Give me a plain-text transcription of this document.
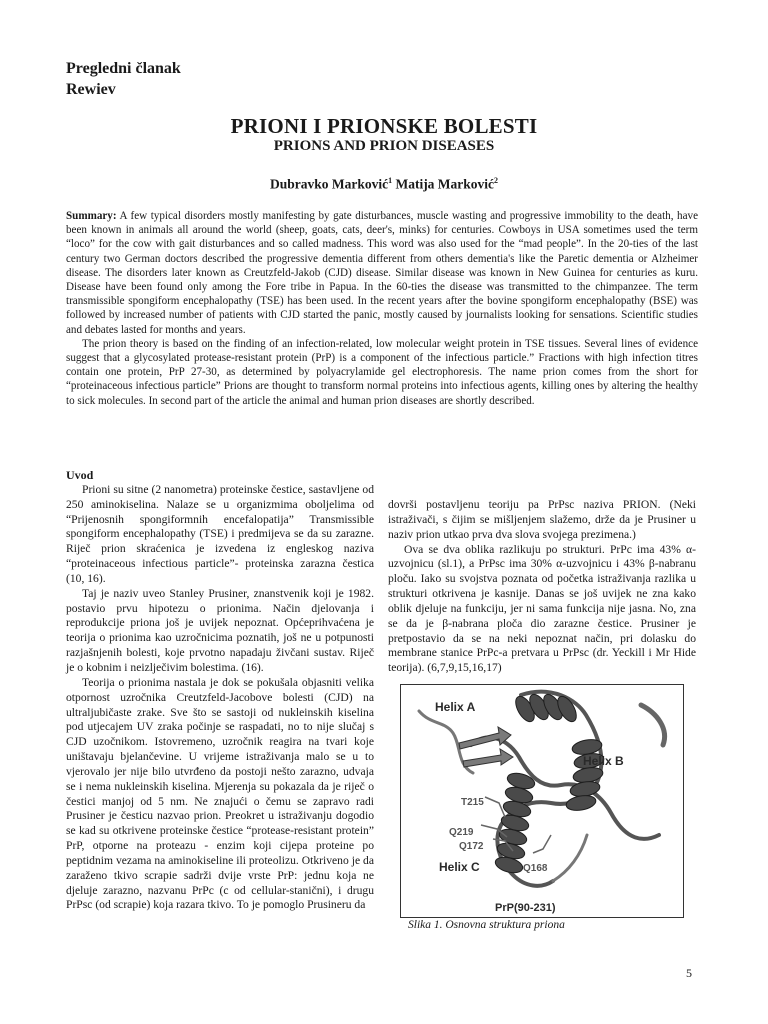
Pregledni članak
Rewiev
PRIONI I PRIONSKE BOLESTI
PRIONS AND PRION DISEASES
Dubravko Marković$^1$ Matija Marković$^2$

Summary: A few typical disorders mostly manifesting by gate disturbances, muscle wasting and progressive immobility to the death, have been known in animals all around the world (sheep, goats, cats, deer's, minks) for centuries. Cowboys in USA sometimes used the term “loco” for the cow with gait disturbances and so called madness. This word was also used for the “mad people”. In the 20-ties of the last century two German doctors described the progressive dementia different from others dementia's like the Paretic dementia or Alzheimer disease. The disorders later known as Creutzfeld-Jakob (CJD) disease. Similar disease was known in New Guinea for centuries as kuru. Disease have been found only among the Fore tribe in Papua. In the 60-ties the disease was transmitted to the chimpanzee. The term transmissible spongiform encephalopathy (TSE) has been used. In the recent years after the bovine spongiform encephalopathy (BSE) was followed by increased number of patients with CJD started the panic, mostly caused by journalists looking for sensations. Scientific studies and debates lasted for months and years.

The prion theory is based on the finding of an infection-related, low molecular weight protein in TSE tissues. Several lines of evidence suggest that a glycosylated protease-resistant protein (PrP) is a component of the infectious particle.” Fractions with high infection titres contain one protein, PrP 27-30, as determined by polyacrylamide gel electrophoresis. The name prion comes from the short for “proteinaceous infectious particle” Prions are thought to transform normal proteins into infectious agents, killing ones by altering the healthy to sick molecules. In second part of the article the animal and human prion diseases are shortly described.

Uvod

Prioni su sitne (2 nanometra) proteinske čestice, sastavljene od 250 aminokiselina. Nalaze se u organizmima oboljelima od “Prijenosnih spongiformnih encefalopatija” Transmissible spongiform encephalopathy (TSE) i predmijeva se da su zarazne. Riječ prion skraćenica je izvedena iz engleskog naziva “proteinaceous infectious particle”- proteinska zarazna čestica (10, 16).

Taj je naziv uveo Stanley Prusiner, znanstvenik koji je 1982. postavio prvu hipotezu o prionima. Način djelovanja i reprodukcije priona još je uvijek nepoznat. Općeprihvaćena je teorija o prionima kao uzročnicima poznatih, još ne u potpunosti razjašnjenih bolesti, koje prvotno napadaju živčani sustav. Riječ je o kobnim i neizlječivim bolestima. (16).

Teorija o prionima nastala je dok se pokušala objasniti velika otpornost uzročnika Creutzfeld-Jacobove bolesti (CJD) na ultraljubičaste zrake. Sve što se sastoji od nukleinskih kiselina pod utjecajem UV zraka počinje se raspadati, no to nije slučaj s CJD uzočnikom. Istovremeno, uzročnik reagira na tvari koje uništavaju bjelančevine. U vrijeme istraživanja malo se u to vjerovalo jer nije bilo utvrđeno da postoji nešto zarazno, udvaja se i nema nukleinskih kiselina. Mjerenja su pokazala da je riječ o čestici manjoj od 5 nm. Ne znajući o čemu se zapravo radi Prusiner je česticu nazvao prion. Preokret u istraživanju dogodio se kad su otkrivene proteinske čestice “protease-resistant protein” PrP, otporne na proteazu - enzim koji cijepa proteine po peptidnim vezama na aminokiseline ili proteolizu. Otkriveno je da zaraženo tkivo scrapie sadrži dvije vrste PrP: jednu koja ne djeluje zarazno, nazvanu PrPc (c od cellular-stanični), i drugu PrPsc (od scrapie) koja razara tkivo. To je pomoglo Prusineru da

dovrši postavljenu teoriju pa PrPsc naziva PRION. (Neki istraživači, s čijim se mišljenjem slažemo, drže da je Prusiner u naziv prion utkao prva dva slova svojega prezimena.)

Ova se dva oblika razlikuju po strukturi. PrPc ima 43% α-uzvojnicu (sl.1), a PrPsc ima 30% α-uzvojnicu i 43% β-nabranu ploču. Iako su svojstva poznata od početka istraživanja razlika u strukturi otkrivena je kasnije. Danas se još uvijek ne zna kako oblik djeluje na funkciju, jer ni sama funkcija nije jasna. No, zna se da je β-nabrana ploča dio zarazne čestice. Prusiner je pretpostavio da se na neki nepoznat način, pri dolasku do membrane stanice PrPc-a pretvara u PrPsc (dr. Yeckill i Mr Hide teorija). (6,7,9,15,16,17)

Helix A
Helix B
Helix C
T215
Q219
Q172
Q168
PrP(90-231)
Slika 1. Osnovna struktura priona
5
